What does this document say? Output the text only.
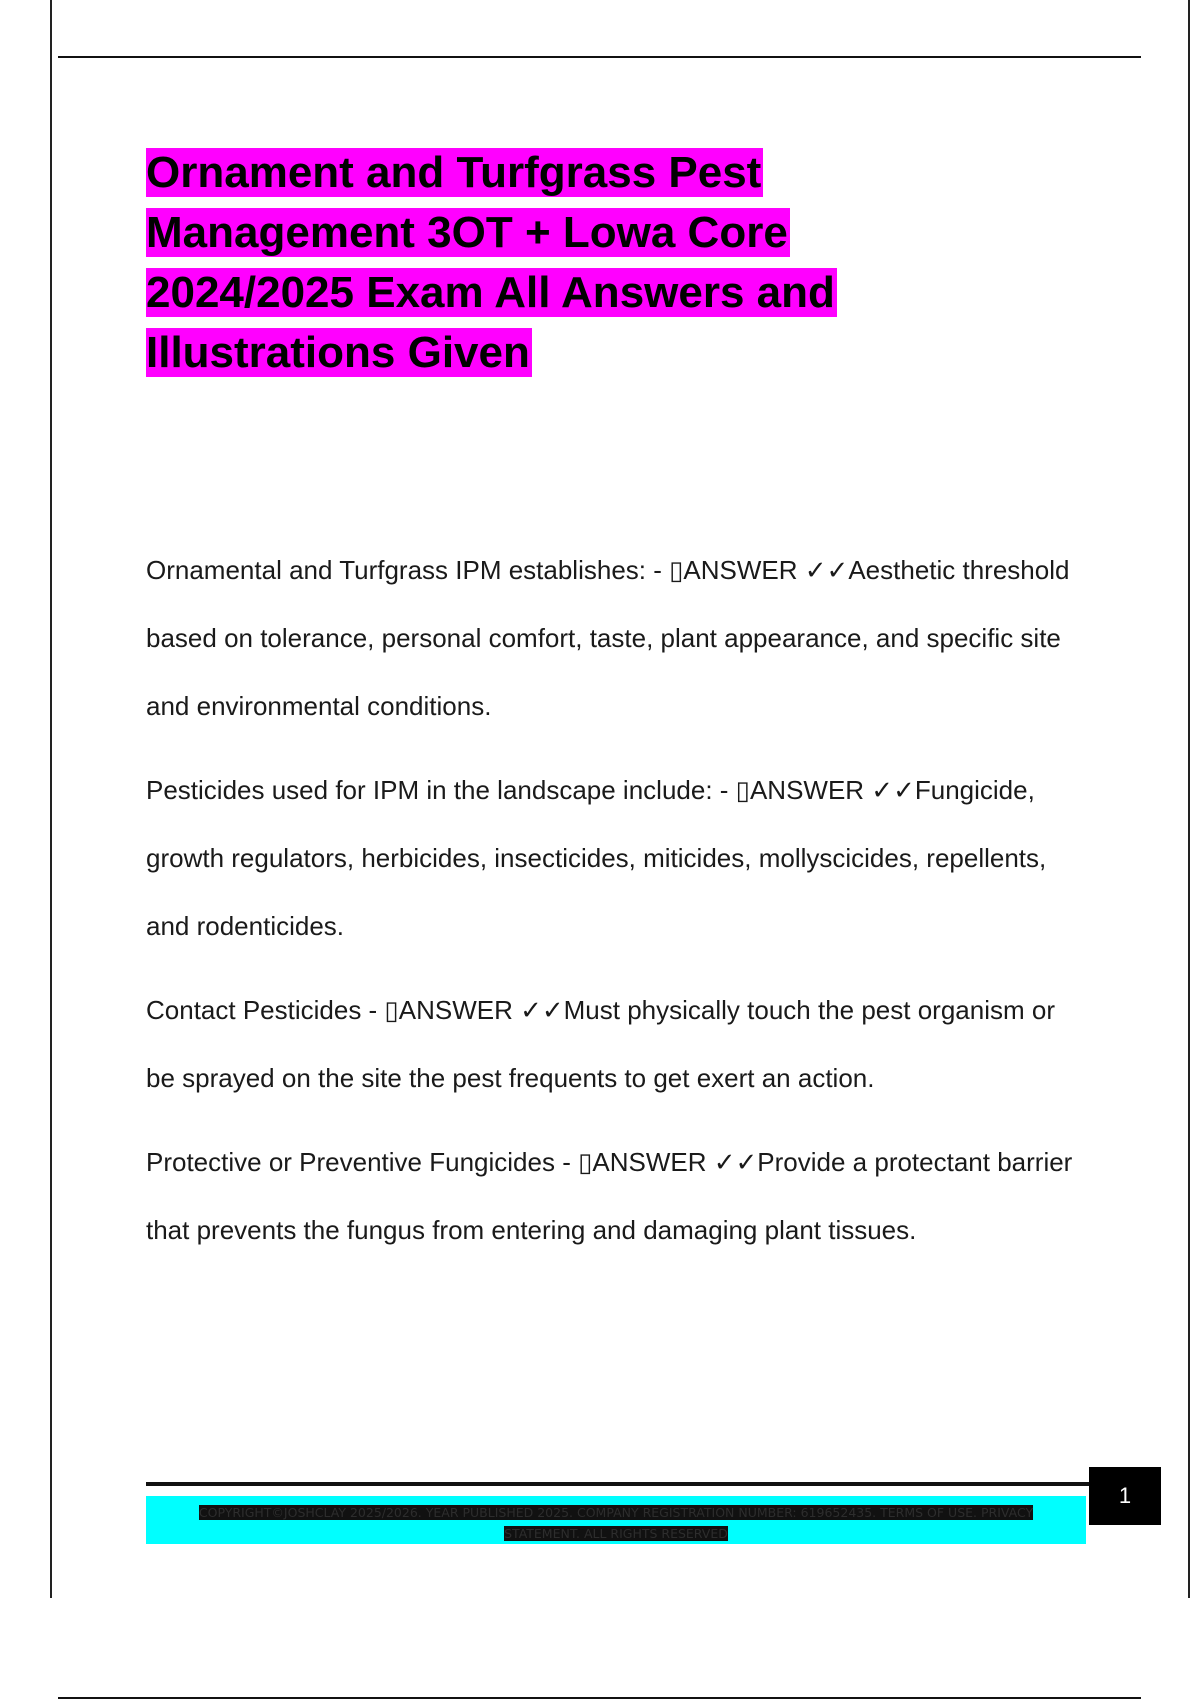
Ornament and Turfgrass Pest
Management 3OT + Lowa Core
2024/2025 Exam All Answers and
Illustrations Given

Ornamental and Turfgrass IPM establishes: - ▯ANSWER ✓✓Aesthetic threshold based on tolerance, personal comfort, taste, plant appearance, and specific site and environmental conditions.

Pesticides used for IPM in the landscape include: - ▯ANSWER ✓✓Fungicide, growth regulators, herbicides, insecticides, miticides, mollyscicides, repellents, and rodenticides.

Contact Pesticides - ▯ANSWER ✓✓Must physically touch the pest organism or be sprayed on the site the pest frequents to get exert an action.

Protective or Preventive Fungicides - ▯ANSWER ✓✓Provide a protectant barrier that prevents the fungus from entering and damaging plant tissues.

COPYRIGHT©JOSHCLAY 2025/2026. YEAR PUBLISHED 2025. COMPANY REGISTRATION NUMBER: 619652435. TERMS OF USE. PRIVACY STATEMENT. ALL RIGHTS RESERVED
1
